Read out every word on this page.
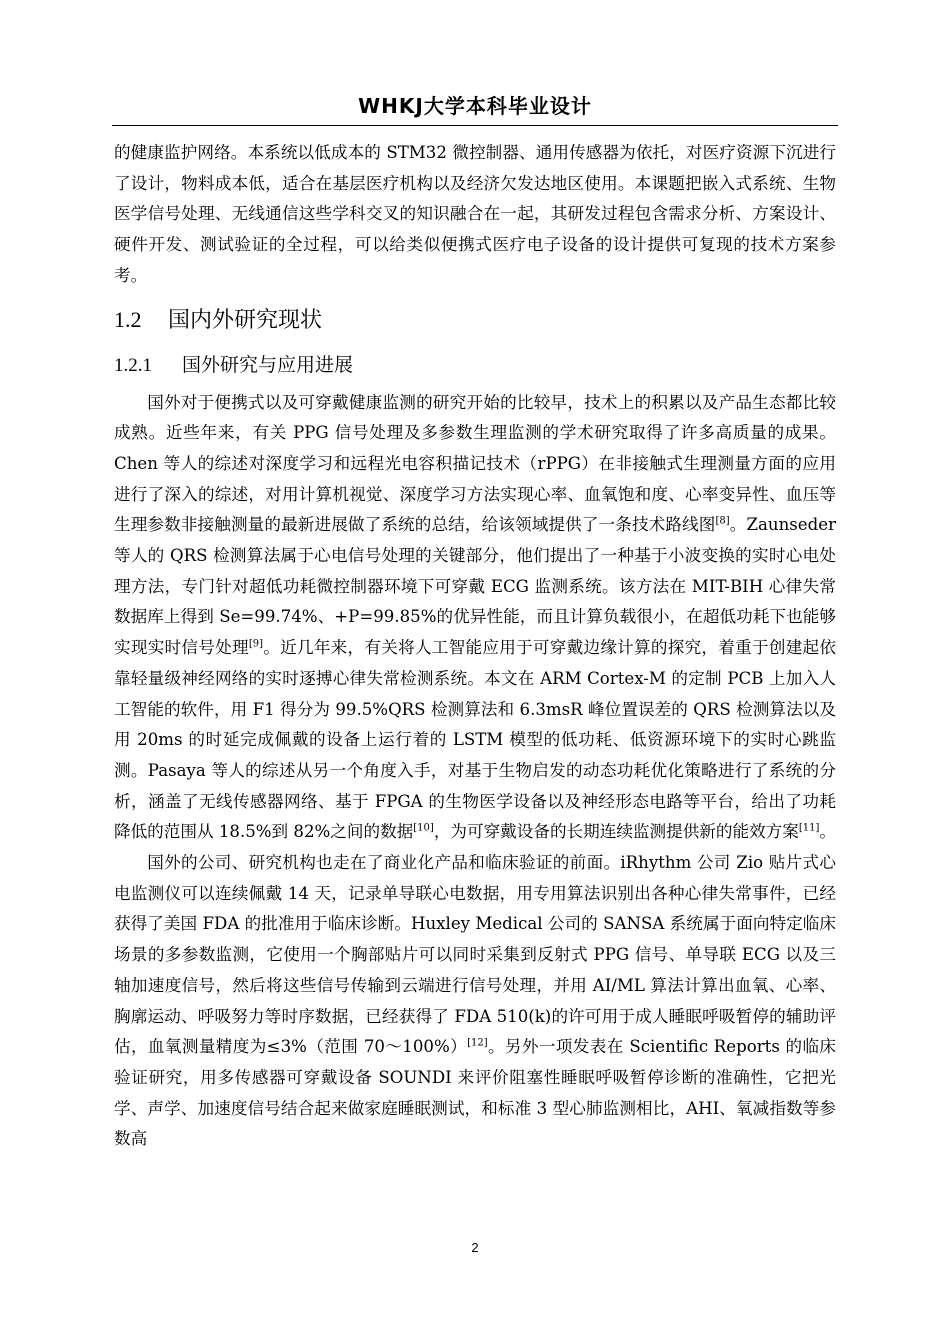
WHKJ大学本科毕业设计

的健康监护网络。本系统以低成本的 STM32 微控制器、通用传感器为依托，对医疗资源下沉进行了设计，物料成本低，适合在基层医疗机构以及经济欠发达地区使用。本课题把嵌入式系统、生物医学信号处理、无线通信这些学科交叉的知识融合在一起，其研发过程包含需求分析、方案设计、硬件开发、测试验证的全过程，可以给类似便携式医疗电子设备的设计提供可复现的技术方案参考。

1.2 国内外研究现状
1.2.1 国外研究与应用进展

国外对于便携式以及可穿戴健康监测的研究开始的比较早，技术上的积累以及产品生态都比较成熟。近些年来，有关 PPG 信号处理及多参数生理监测的学术研究取得了许多高质量的成果。Chen 等人的综述对深度学习和远程光电容积描记技术（rPPG）在非接触式生理测量方面的应用进行了深入的综述，对用计算机视觉、深度学习方法实现心率、血氧饱和度、心率变异性、血压等生理参数非接触测量的最新进展做了系统的总结，给该领域提供了一条技术路线图[8]。Zaunseder 等人的 QRS 检测算法属于心电信号处理的关键部分，他们提出了一种基于小波变换的实时心电处理方法，专门针对超低功耗微控制器环境下可穿戴 ECG 监测系统。该方法在 MIT-BIH 心律失常数据库上得到 Se=99.74%、+P=99.85%的优异性能，而且计算负载很小，在超低功耗下也能够实现实时信号处理[9]。近几年来，有关将人工智能应用于可穿戴边缘计算的探究，着重于创建起依靠轻量级神经网络的实时逐搏心律失常检测系统。本文在 ARM Cortex-M 的定制 PCB 上加入人工智能的软件，用 F1 得分为 99.5%QRS 检测算法和 6.3msR 峰位置误差的 QRS 检测算法以及用 20ms 的时延完成佩戴的设备上运行着的 LSTM 模型的低功耗、低资源环境下的实时心跳监测。Pasaya 等人的综述从另一个角度入手，对基于生物启发的动态功耗优化策略进行了系统的分析，涵盖了无线传感器网络、基于 FPGA 的生物医学设备以及神经形态电路等平台，给出了功耗降低的范围从 18.5%到 82%之间的数据[10]，为可穿戴设备的长期连续监测提供新的能效方案[11]。

国外的公司、研究机构也走在了商业化产品和临床验证的前面。iRhythm 公司 Zio 贴片式心电监测仪可以连续佩戴 14 天，记录单导联心电数据，用专用算法识别出各种心律失常事件，已经获得了美国 FDA 的批准用于临床诊断。Huxley Medical 公司的 SANSA 系统属于面向特定临床场景的多参数监测，它使用一个胸部贴片可以同时采集到反射式 PPG 信号、单导联 ECG 以及三轴加速度信号，然后将这些信号传输到云端进行信号处理，并用 AI/ML 算法计算出血氧、心率、胸廓运动、呼吸努力等时序数据，已经获得了 FDA 510(k)的许可用于成人睡眠呼吸暂停的辅助评估，血氧测量精度为≤3%（范围 70～100%）[12]。另外一项发表在 Scientific Reports 的临床验证研究，用多传感器可穿戴设备 SOUNDI 来评价阻塞性睡眠呼吸暂停诊断的准确性，它把光学、声学、加速度信号结合起来做家庭睡眠测试，和标准 3 型心肺监测相比，AHI、氧减指数等参数高

2
